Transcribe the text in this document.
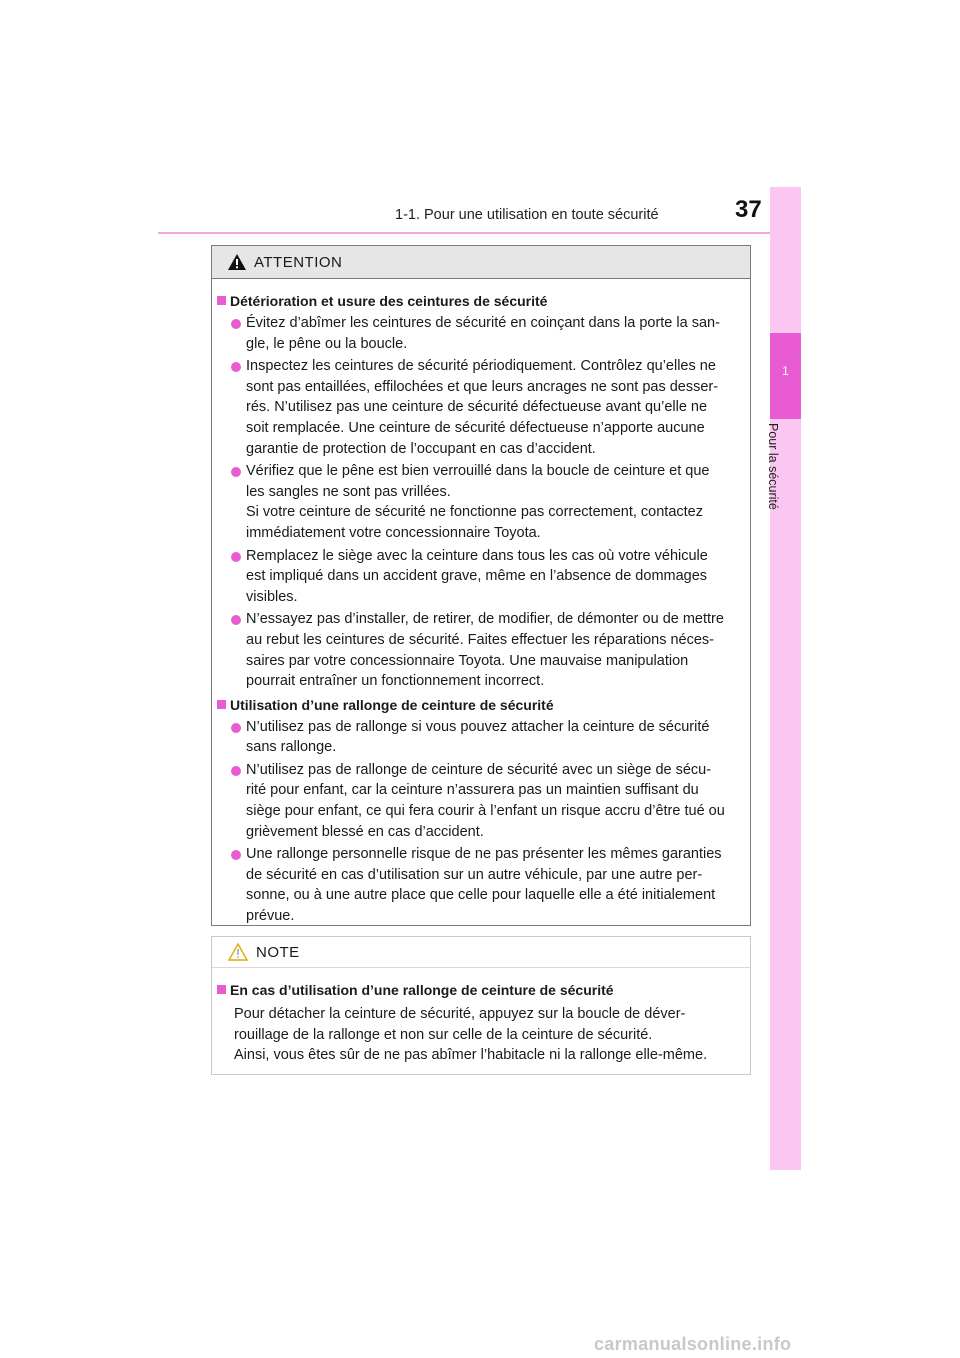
1-1. Pour une utilisation en toute sécurité	37
1
Pour la sécurité
ATTENTION
Détérioration et usure des ceintures de sécurité
Évitez d’abîmer les ceintures de sécurité en coinçant dans la porte la san-
gle, le pêne ou la boucle.
Inspectez les ceintures de sécurité périodiquement. Contrôlez qu’elles ne
sont pas entaillées, effilochées et que leurs ancrages ne sont pas desser-
rés. N’utilisez pas une ceinture de sécurité défectueuse avant qu’elle ne
soit remplacée. Une ceinture de sécurité défectueuse n’apporte aucune
garantie de protection de l’occupant en cas d’accident.
Vérifiez que le pêne est bien verrouillé dans la boucle de ceinture et que
les sangles ne sont pas vrillées.
Si votre ceinture de sécurité ne fonctionne pas correctement, contactez
immédiatement votre concessionnaire Toyota.
Remplacez le siège avec la ceinture dans tous les cas où votre véhicule
est impliqué dans un accident grave, même en l’absence de dommages
visibles.
N’essayez pas d’installer, de retirer, de modifier, de démonter ou de mettre
au rebut les ceintures de sécurité. Faites effectuer les réparations néces-
saires par votre concessionnaire Toyota. Une mauvaise manipulation
pourrait entraîner un fonctionnement incorrect.
Utilisation d’une rallonge de ceinture de sécurité
N’utilisez pas de rallonge si vous pouvez attacher la ceinture de sécurité
sans rallonge.
N’utilisez pas de rallonge de ceinture de sécurité avec un siège de sécu-
rité pour enfant, car la ceinture n’assurera pas un maintien suffisant du
siège pour enfant, ce qui fera courir à l’enfant un risque accru d’être tué ou
grièvement blessé en cas d’accident.
Une rallonge personnelle risque de ne pas présenter les mêmes garanties
de sécurité en cas d’utilisation sur un autre véhicule, par une autre per-
sonne, ou à une autre place que celle pour laquelle elle a été initialement
prévue.
NOTE
En cas d’utilisation d’une rallonge de ceinture de sécurité
Pour détacher la ceinture de sécurité, appuyez sur la boucle de déver-
rouillage de la rallonge et non sur celle de la ceinture de sécurité.
Ainsi, vous êtes sûr de ne pas abîmer l’habitacle ni la rallonge elle-même.
carmanualsonline.info
